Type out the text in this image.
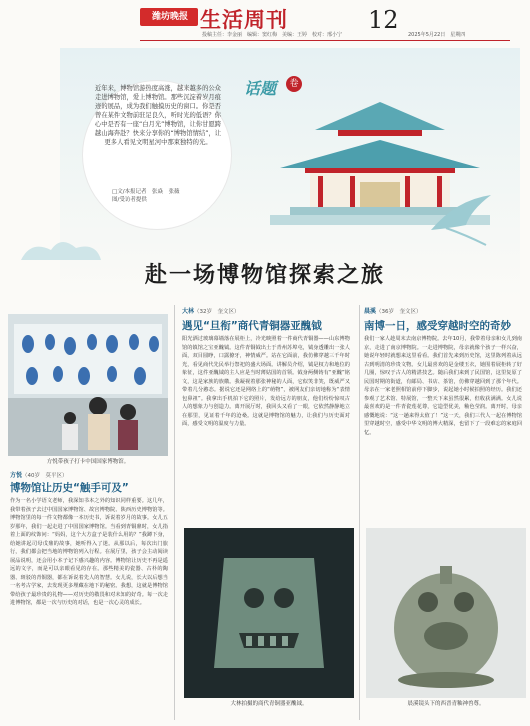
潍坊晚报 生活周刊	12
投稿主任：李金丽　编辑：窦红梅　美编：王婷　校对：邢小宁	2025年5月22日　星期四
近年来，博物馆游热度高涨，越来越多的公众走进博物馆，爱上博物馆。那些沉淀着岁月痕迹的展品，成为我们触摸历史的窗口。你是否曾在某件文物前驻足良久，听时光的低语？你心中是否有一座“白月光”博物馆，让你甘愿跨越山海奔赴？快来分享你的“博物馆情结”，让更多人看见文明星河中那束独特的光。
□文/本报记者　张焱　张薇
图/受访者提供
话题	卷
赴一场博物馆探索之旅
方悦带孩子打卡中国国家博物馆。
方悦（40岁　莫平区）
博物馆让历史“触手可及”
作为一名小学语文老师，我深知书本之外的知识同样重要。这几年，我带着孩子去过中国国家博物馆、故宫博物院、陕西历史博物馆等。博物馆里的每一件文物都像一本历史书，诉说着岁月的故事。女儿五岁那年，我们一起走进了中国国家博物馆。当看到青铜鼎时，女儿指着上面的纹饰问：“妈妈，这个大方盒子是装什么用的？”我蹲下身，给她讲起司母戊鼎的故事，她听得入了迷。从那以后，每次出门旅行，我们都会把当地的博物馆列入行程。在展厅里，孩子会主动阅读展品说明，还会用小本子记下感兴趣的内容。博物馆让历史不再是遥远的文字，而是可以亲眼看见的存在。那些精美的瓷器、古朴的陶器、斑驳的青铜器，都在诉说着先人的智慧。女儿说，长大以后想当一名考古学家，去发现更多埋藏在地下的秘密。我想，这就是博物馆带给孩子最珍贵的礼物——对历史的敬畏和对未知的好奇。每一次走进博物馆，都是一次与历史的对话，也是一次心灵的成长。
大林（32岁　奎文区）
遇见“旦衔”商代青铜器亚醜钺
阳光洒过玻璃幕墙落在展柜上，冷光映照着一件商代青铜器——山东博物馆的镇馆之宝亚醜钺。这件青铜钺出土于青州苏埠屯，钺身透雕出一张人面，双目圆睁，口露獠牙，神情威严。站在它面前，我仿佛穿越三千年时光，看见商代先民举行祭祀的盛大场面。讲解员介绍，钺是权力和地位的象征，这件亚醜钺的主人应是当时薄姑国的首领。钺身两侧铸有“亚醜”铭文，这是家族的族徽。我凝视着那张神秘的人面，它似笑非笑，既威严又带着几分憨态。据说它还是网络上的“萌物”，被网友们亲切地称为“表情包鼻祖”。我拿出手机拍下它的照片，发给远方的朋友，他们纷纷惊叹古人的想象力与创造力。离开展厅时，我回头又看了一眼，它依然静静地立在那里，见证着千年的沧桑。这就是博物馆的魅力，让我们与历史面对面，感受文明的温度与力量。
大林拍摄的商代青铜器亚醜钺。
晨溪（36岁　奎文区）
南博一日，感受穿越时空的奇妙
我们一家人趁周末去南京博物院。去年10月，我带着母亲和女儿到南京，走进了南京博物院。一走进博物院，母亲就像个孩子一样兴奋，她说年轻时就想来这里看看。我们首先来到历史馆，这里陈列着从远古到明清的珍贵文物。女儿最喜欢的是金缕玉衣，她围着展柜转了好几圈，惊叹于古人的精湛技艺。随后我们来到了民国馆，这里复原了民国时期的街道，有邮局、书店、茶馆，仿佛穿越回到了那个年代。母亲在一家老照相馆前停下脚步，说起她小时候拍照的经历。我们还参观了艺术馆、特展馆，一整天下来虽然很累，但收获满满。女儿说最喜欢的是一件青瓷莲花尊，它造型优美，釉色莹润。离开时，母亲感慨地说：“这一趟来得太值了！”这一天，我们三代人一起在博物馆里穿越时空，感受中华文明的博大精深，也留下了一段难忘的家庭回忆。
晨溪镜头下的西晋青釉神兽尊。
